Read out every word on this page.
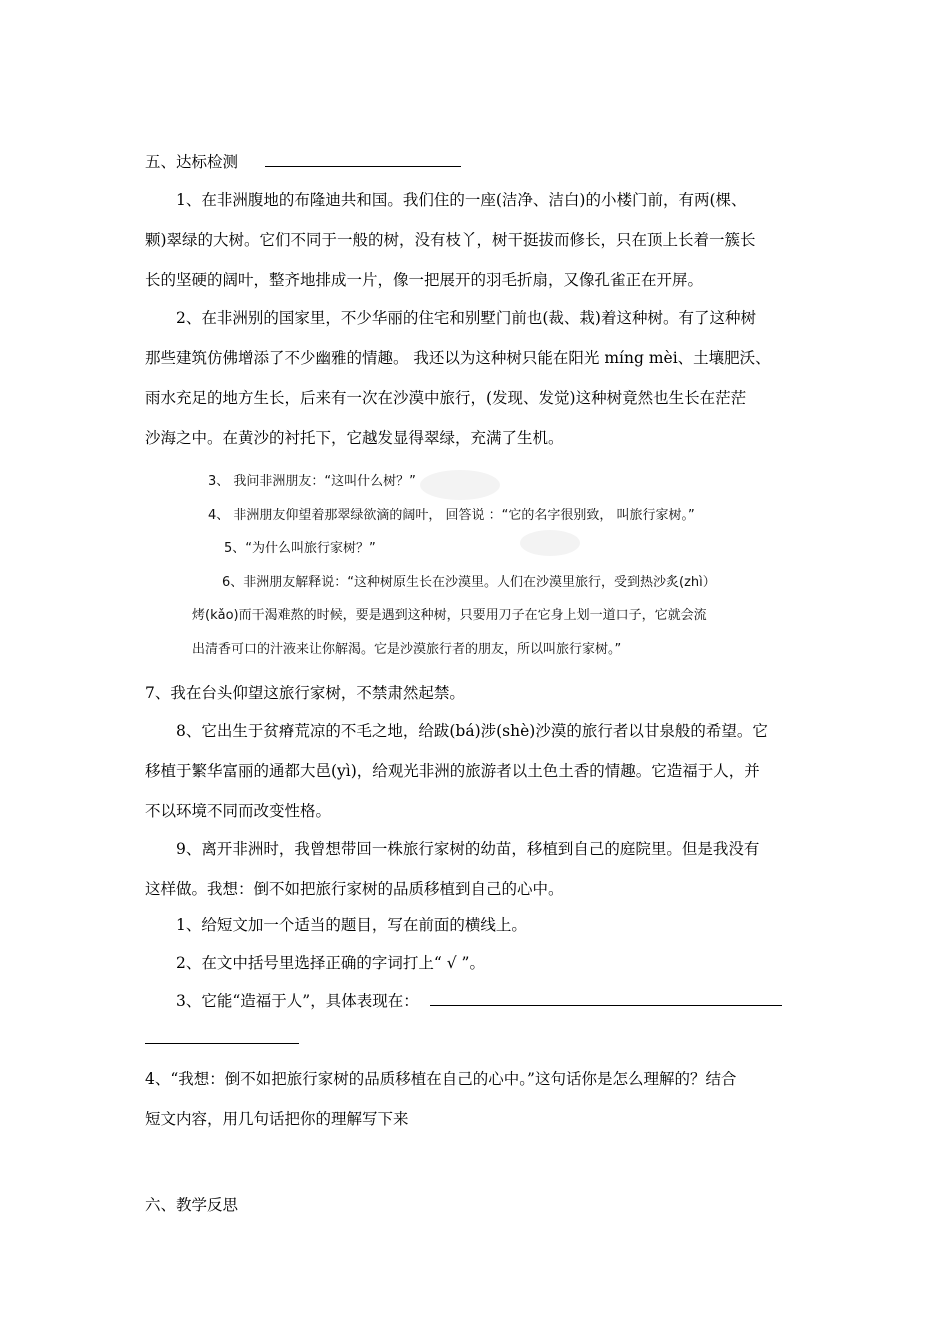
五、达标检测
1、在非洲腹地的布隆迪共和国。我们住的一座(洁净、洁白)的小楼门前，有两(棵、
颗)翠绿的大树。它们不同于一般的树，没有枝丫，树干挺拔而修长，只在顶上长着一簇长
长的坚硬的阔叶，整齐地排成一片，像一把展开的羽毛折扇，又像孔雀正在开屏。
2、在非洲别的国家里，不少华丽的住宅和别墅门前也(裁、栽)着这种树。有了这种树
那些建筑仿佛增添了不少幽雅的情趣。 我还以为这种树只能在阳光 míng mèi、土壤肥沃、
雨水充足的地方生长，后来有一次在沙漠中旅行，(发现、发觉)这种树竟然也生长在茫茫
沙海之中。在黄沙的衬托下，它越发显得翠绿，充满了生机。
3、 我问非洲朋友：“这叫什么树？”
4、 非洲朋友仰望着那翠绿欲滴的阔叶， 回答说 ：“它的名字很别致， 叫旅行家树。”
5、“为什么叫旅行家树？”
6、非洲朋友解释说：“这种树原生长在沙漠里。人们在沙漠里旅行，受到热沙炙(zhì）
烤(kǎo)而干渴难熬的时候，要是遇到这种树，只要用刀子在它身上划一道口子，它就会流
出清香可口的汁液来让你解渴。它是沙漠旅行者的朋友，所以叫旅行家树。”
7、我在台头仰望这旅行家树，不禁肃然起禁。
8、它出生于贫瘠荒凉的不毛之地，给跋(bá)涉(shè)沙漠的旅行者以甘泉般的希望。它
移植于繁华富丽的通都大邑(yì)，给观光非洲的旅游者以土色土香的情趣。它造福于人，并
不以环境不同而改变性格。
9、离开非洲时，我曾想带回一株旅行家树的幼苗，移植到自己的庭院里。但是我没有
这样做。我想：倒不如把旅行家树的品质移植到自己的心中。
1、给短文加一个适当的题目，写在前面的横线上。
2、在文中括号里选择正确的字词打上“ √ ”。
3、它能“造福于人”，具体表现在：
4、“我想：倒不如把旅行家树的品质移植在自己的心中。”这句话你是怎么理解的？结合
短文内容，用几句话把你的理解写下来
六、教学反思
